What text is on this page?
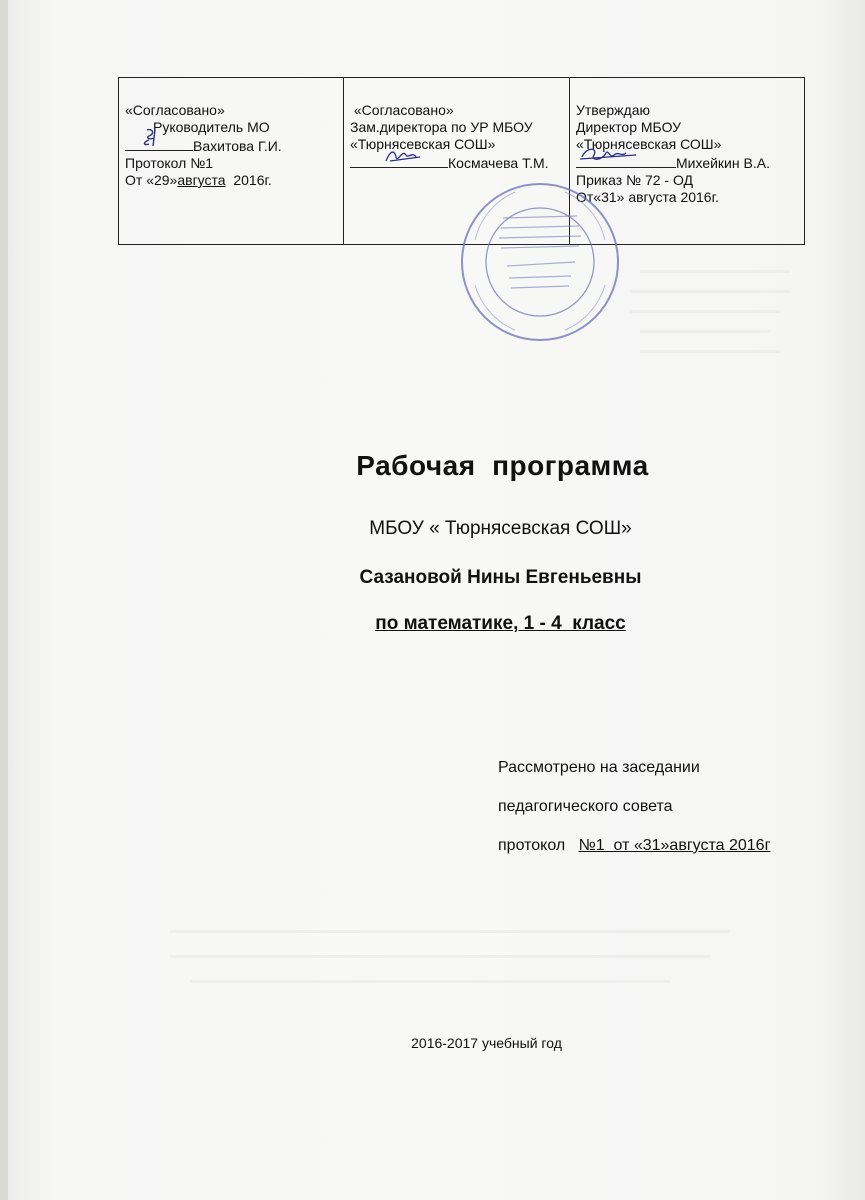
«Согласовано»
Руководитель МО
Вахитова Г.И.
Протокол №1
От «29»августа  2016г.

«Согласовано»
Зам.директора по УР МБОУ
«Тюрнясевская СОШ»
Космачева Т.М.

Утверждаю
Директор МБОУ
«Тюрнясевская СОШ»
Михейкин В.А.
Приказ № 72 - ОД
От«31» августа 2016г.
Рабочая  программа
МБОУ « Тюрнясевская СОШ»
Сазановой Нины Евгеньевны
по математике, 1 - 4  класс
Рассмотрено на заседании
педагогического совета
протокол   №1  от «31»августа 2016г
2016-2017 учебный год
